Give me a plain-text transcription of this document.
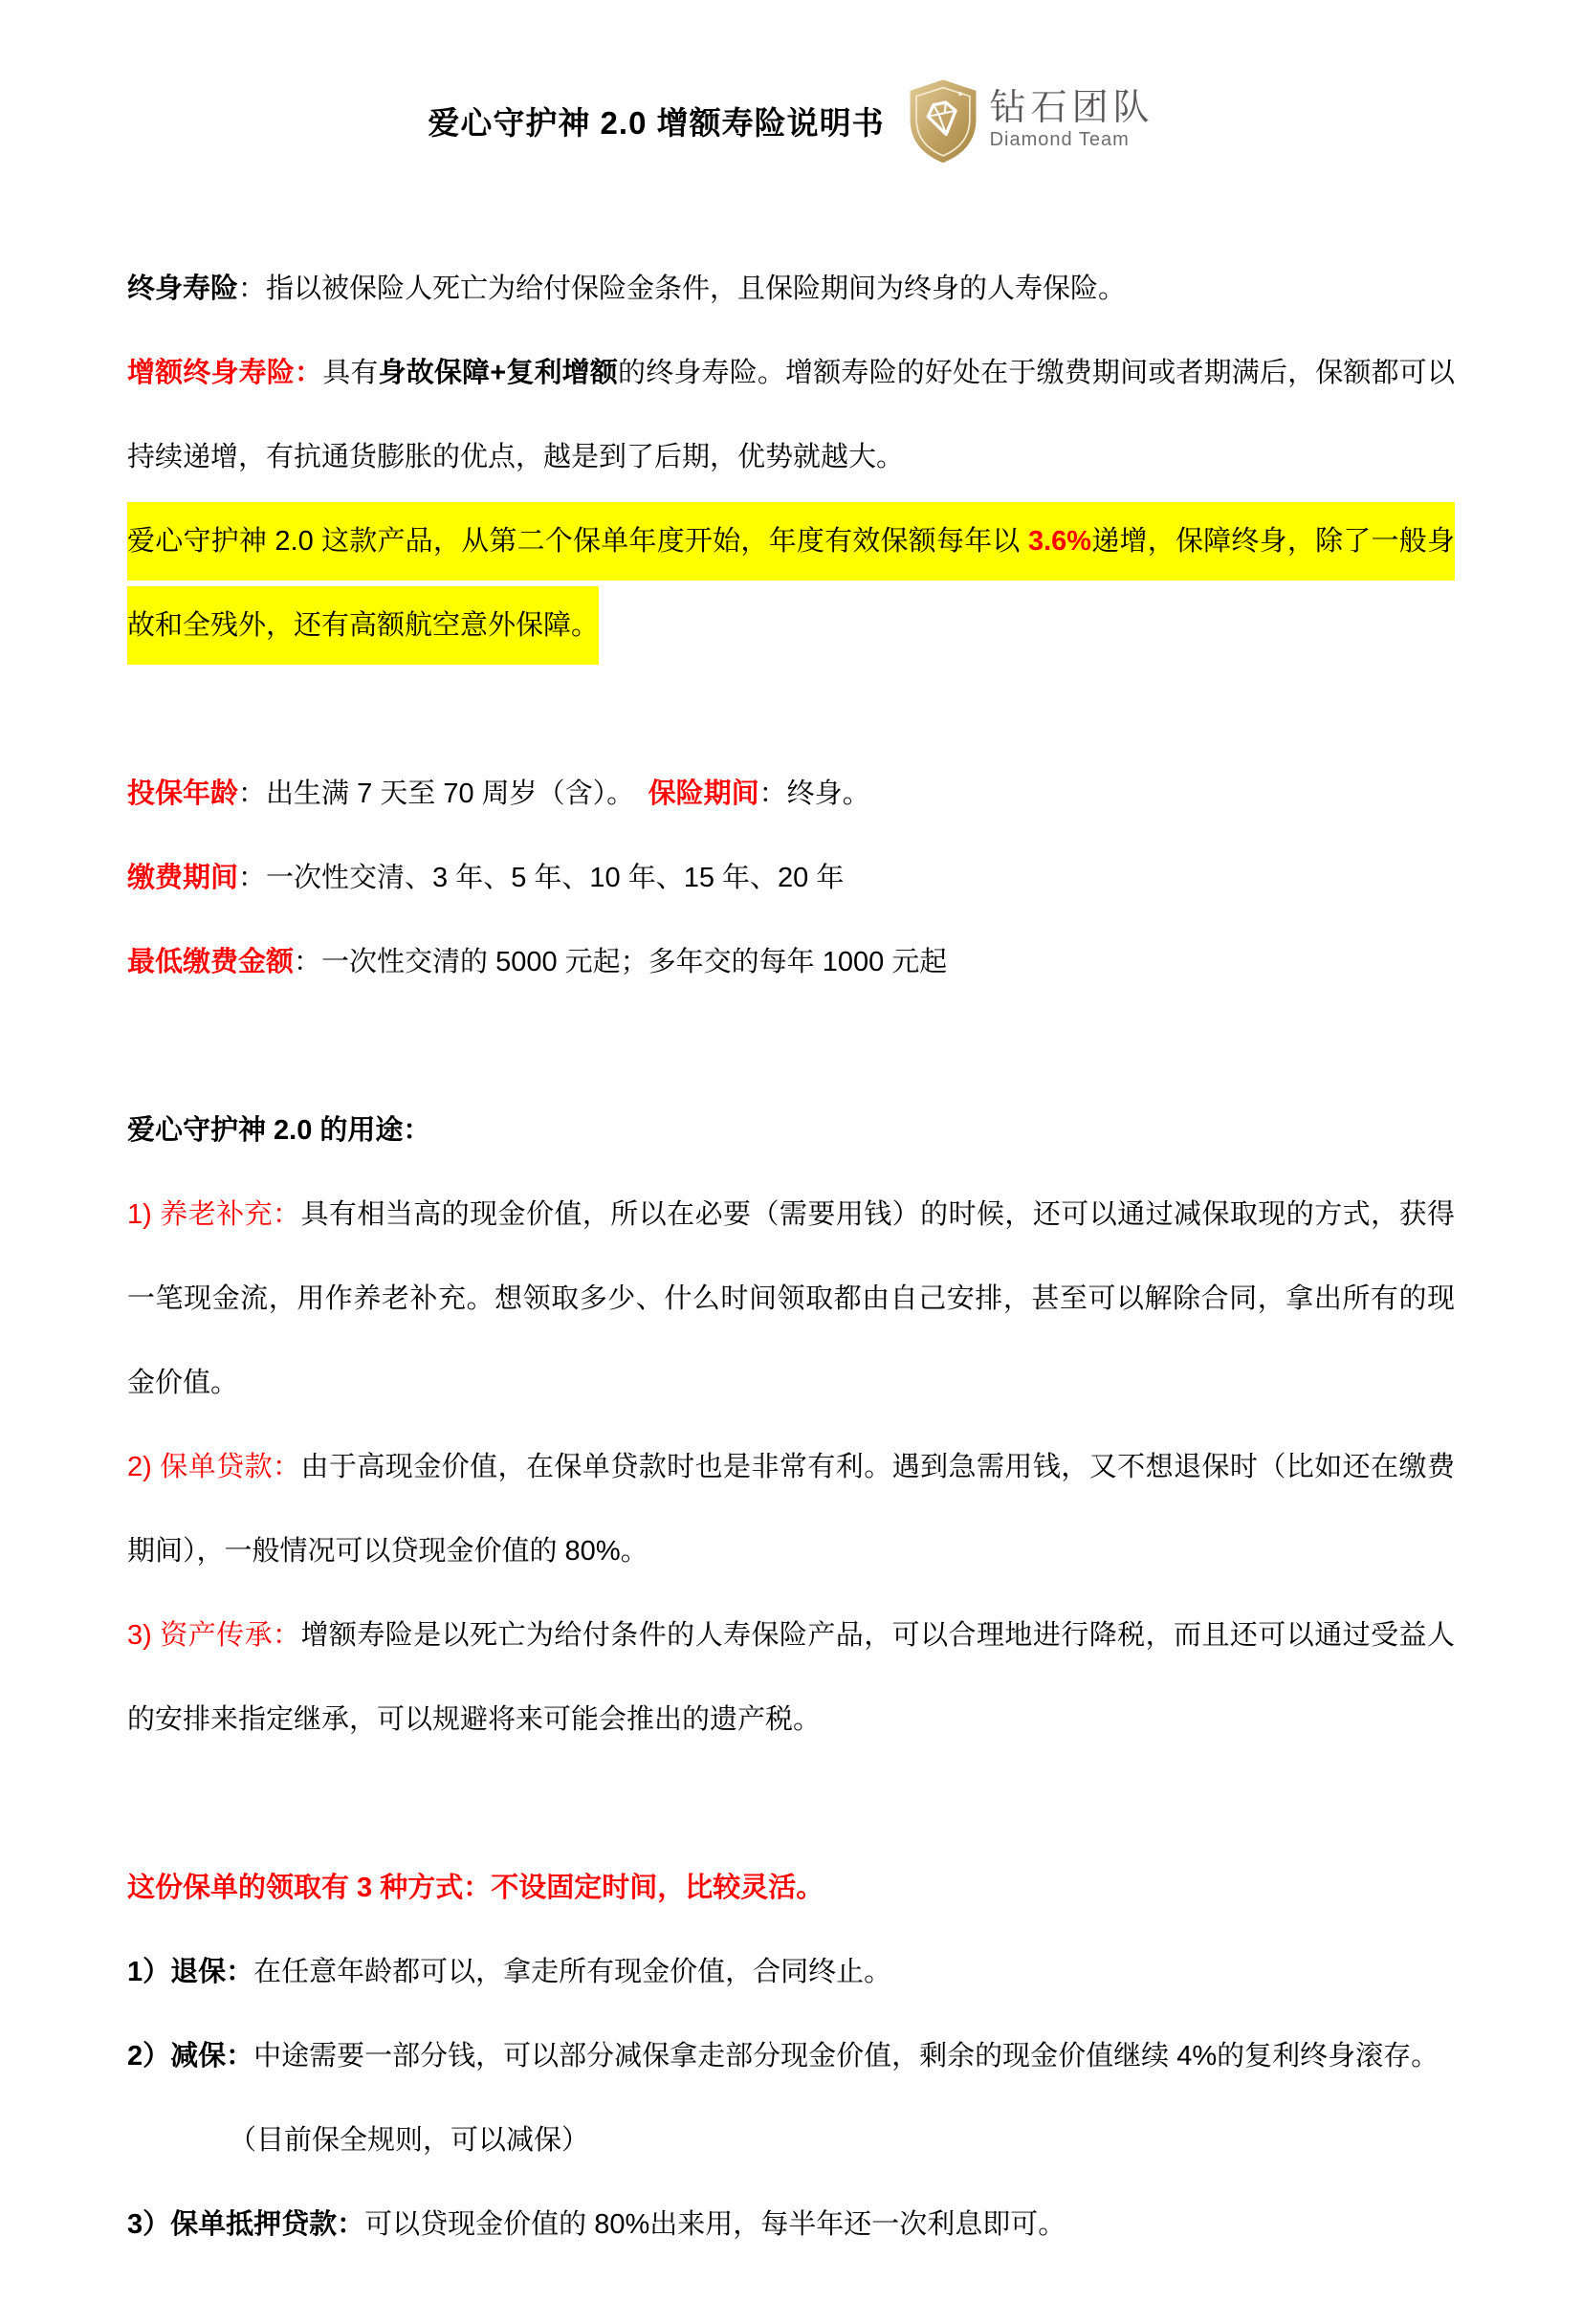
爱心守护神 2.0 增额寿险说明书	钻石团队
Diamond Team

终身寿险：指以被保险人死亡为给付保险金条件，且保险期间为终身的人寿保险。

增额终身寿险：具有身故保障+复利增额的终身寿险。增额寿险的好处在于缴费期间或者期满后，保额都可以持续递增，有抗通货膨胀的优点，越是到了后期，优势就越大。

爱心守护神 2.0 这款产品，从第二个保单年度开始，年度有效保额每年以 3.6%递增，保障终身，除了一般身故和全残外，还有高额航空意外保障。

投保年龄：出生满 7 天至 70 周岁（含）。　保险期间：终身。

缴费期间：一次性交清、3 年、5 年、10 年、15 年、20 年

最低缴费金额：一次性交清的 5000 元起；多年交的每年 1000 元起

爱心守护神 2.0 的用途：

1) 养老补充：具有相当高的现金价值，所以在必要（需要用钱）的时候，还可以通过减保取现的方式，获得一笔现金流，用作养老补充。想领取多少、什么时间领取都由自己安排，甚至可以解除合同，拿出所有的现金价值。

2) 保单贷款：由于高现金价值，在保单贷款时也是非常有利。遇到急需用钱，又不想退保时（比如还在缴费期间），一般情况可以贷现金价值的 80%。

3) 资产传承：增额寿险是以死亡为给付条件的人寿保险产品，可以合理地进行降税，而且还可以通过受益人的安排来指定继承，可以规避将来可能会推出的遗产税。

这份保单的领取有 3 种方式：不设固定时间，比较灵活。

1）退保：在任意年龄都可以，拿走所有现金价值，合同终止。

2）减保：中途需要一部分钱，可以部分减保拿走部分现金价值，剩余的现金价值继续 4%的复利终身滚存。

（目前保全规则，可以减保）

3）保单抵押贷款：可以贷现金价值的 80%出来用，每半年还一次利息即可。
